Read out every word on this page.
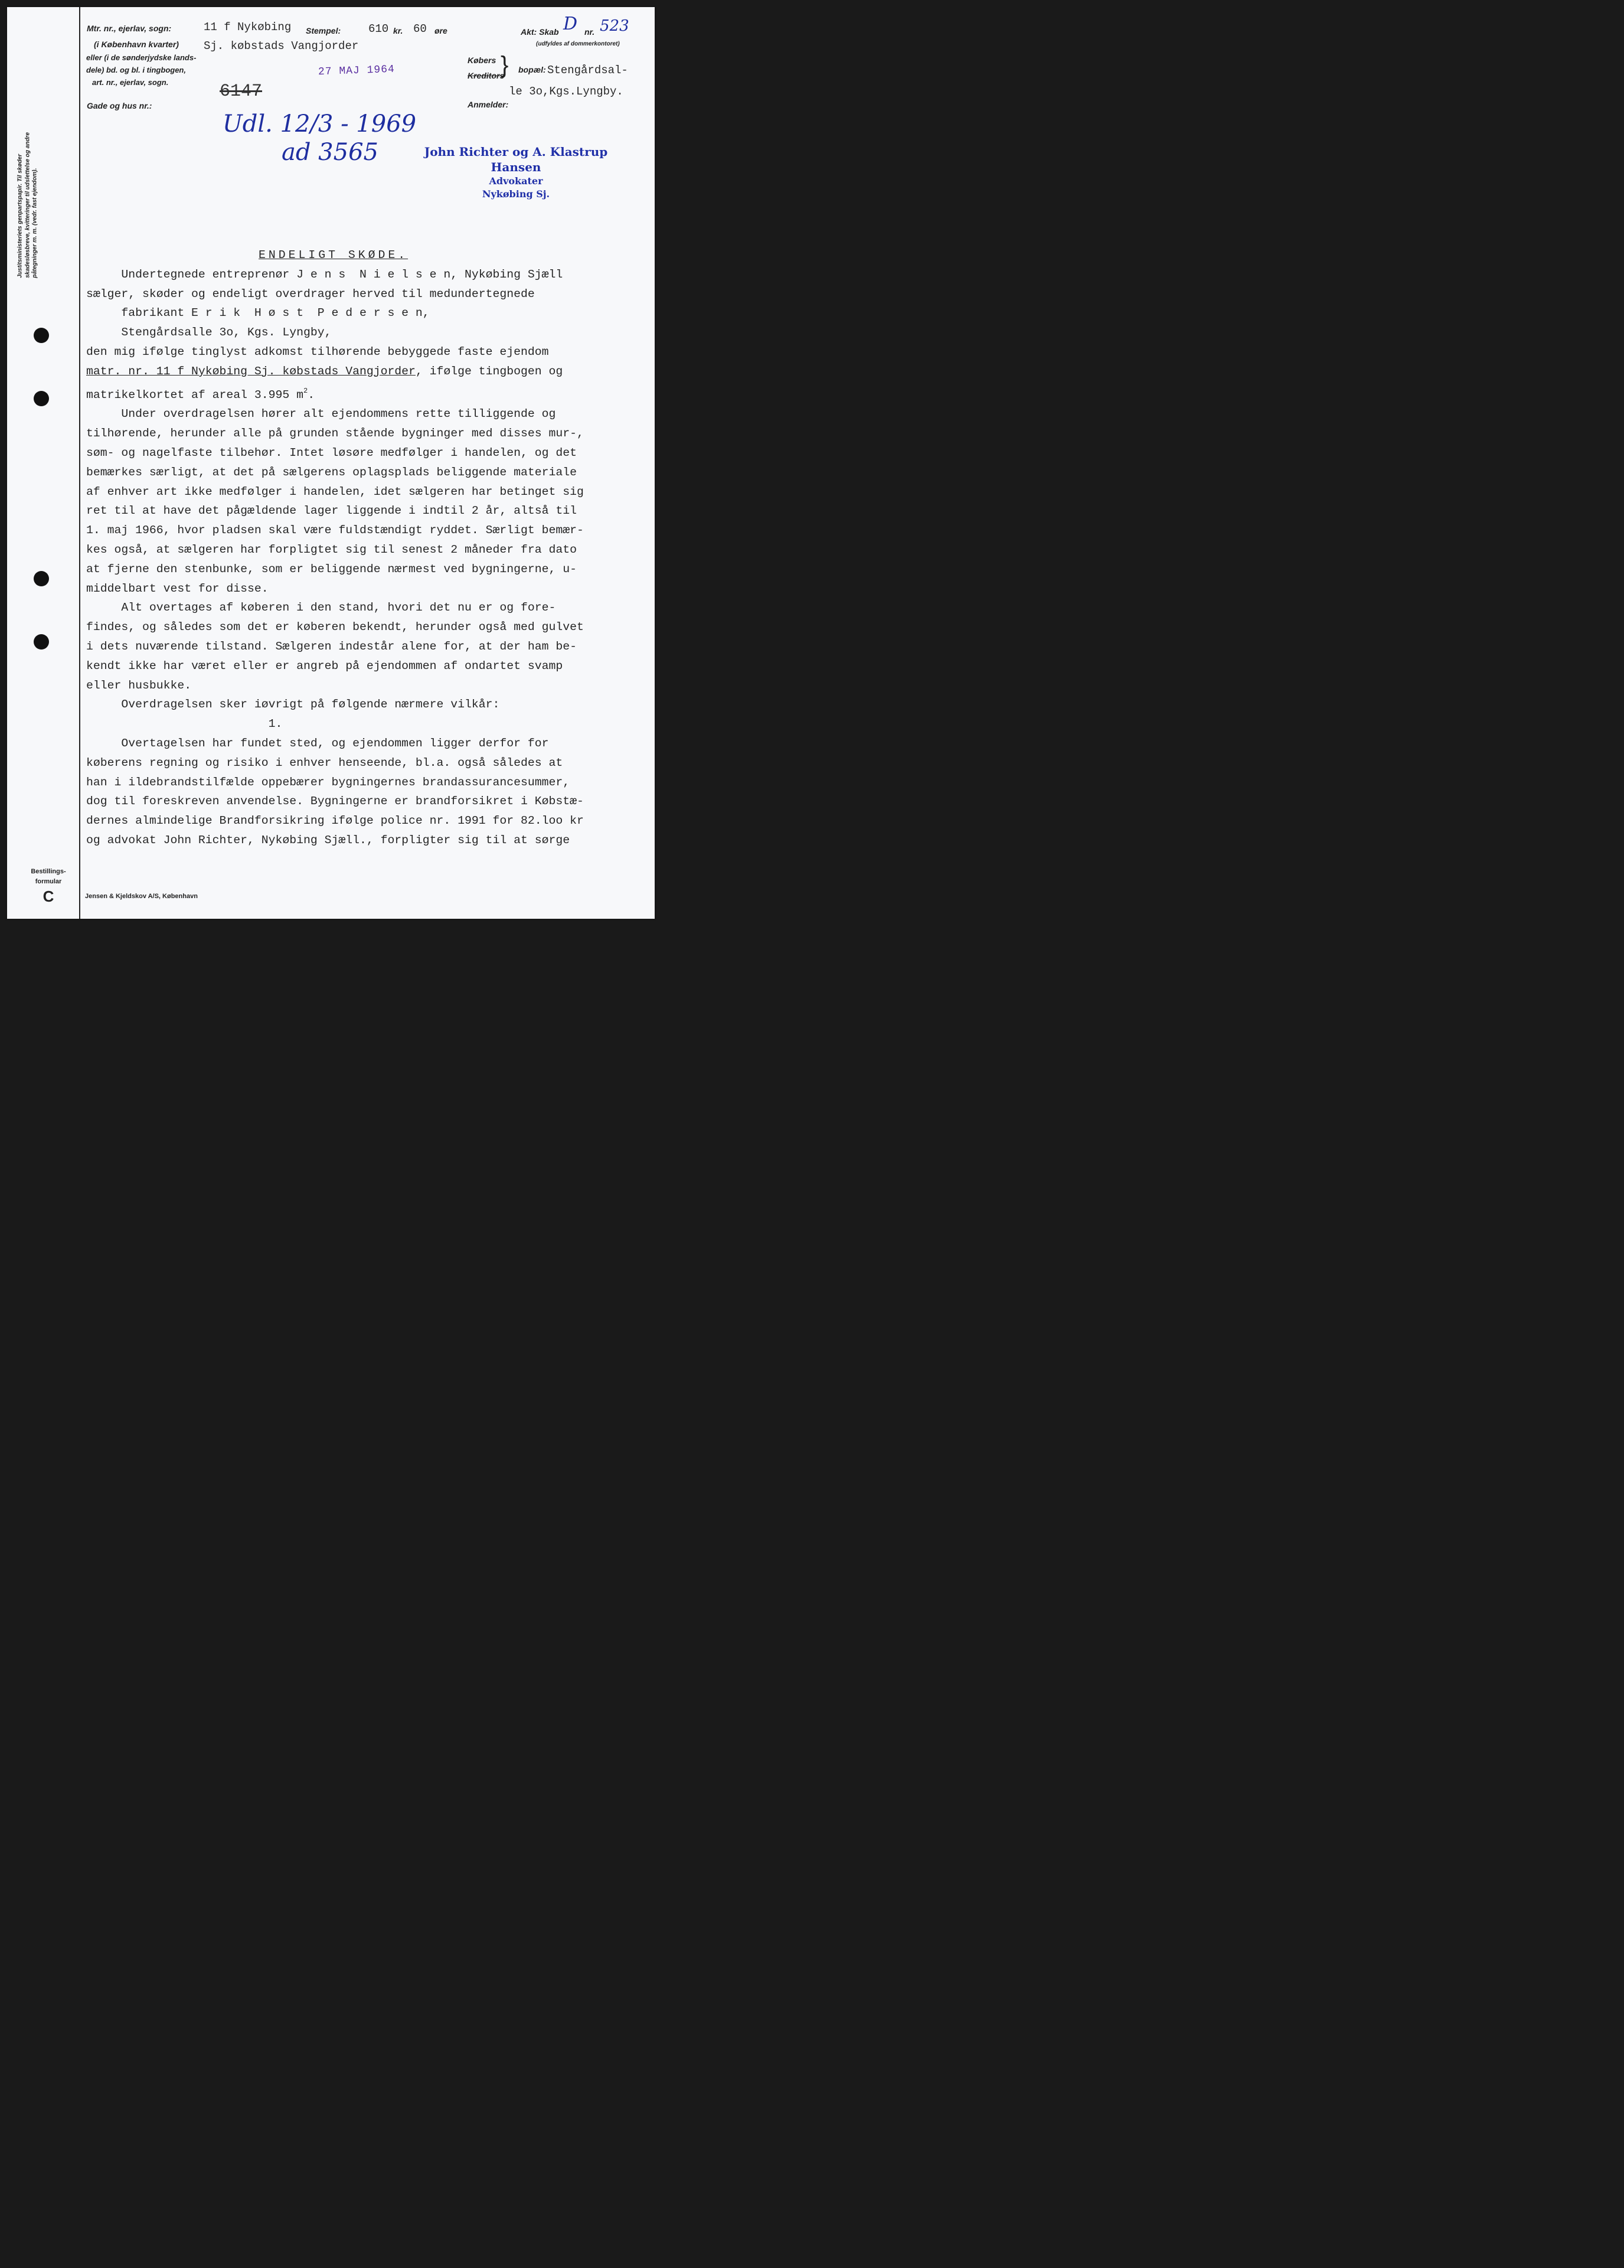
Justitsministeriets genpartspapir. Til skøder
skadesløsbreve, kvitteringer til udslettelse og andre
påtegninger m. m. (vedr. fast ejendom).
Bestillings-
formular
C	Jensen & Kjeldskov A/S, København
Mtr. nr., ejerlav, sogn:	11 f Nykøbing
(i København kvarter) Sj. købstads Vangjorder
eller (i de sønderjydske lands-
dele) bd. og bl. i tingbogen,
art. nr., ejerlav, sogn.
Gade og hus nr.:
Stempel: 610 kr. 60 øre	Akt: Skab D nr. 523
(udfyldes af dommerkontoret)
Købers
Kreditors
} bopæl: Stengårdsal-
le 3o,Kgs.Lyngby.
Anmelder:
27 MAJ 1964
6147
Udl. 12/3 - 1969
ad 3565	John Richter og A. Klastrup Hansen
Advokater
Nykøbing Sj.

ENDELIGT SKØDE.

Undertegnede entreprenør J e n s  N i e l s e n, Nykøbing Sjæll

sælger, skøder og endeligt overdrager herved til medundertegnede

fabrikant E r i k  H ø s t  P e d e r s e n,

Stengårdsalle 3o, Kgs. Lyngby,

den mig ifølge tinglyst adkomst tilhørende bebyggede faste ejendom

matr. nr. 11 f Nykøbing Sj. købstads Vangjorder, ifølge tingbogen og

matrikelkortet af areal 3.995 $m^2$.

Under overdragelsen hører alt ejendommens rette tilliggende og

tilhørende, herunder alle på grunden stående bygninger med disses mur-,

søm- og nagelfaste tilbehør. Intet løsøre medfølger i handelen, og det

bemærkes særligt, at det på sælgerens oplagsplads beliggende materiale

af enhver art ikke medfølger i handelen, idet sælgeren har betinget sig

ret til at have det pågældende lager liggende i indtil 2 år, altså til

1. maj 1966, hvor pladsen skal være fuldstændigt ryddet. Særligt bemær-

kes også, at sælgeren har forpligtet sig til senest 2 måneder fra dato

at fjerne den stenbunke, som er beliggende nærmest ved bygningerne, u-

middelbart vest for disse.

Alt overtages af køberen i den stand, hvori det nu er og fore-

findes, og således som det er køberen bekendt, herunder også med gulvet

i dets nuværende tilstand. Sælgeren indestår alene for, at der ham be-

kendt ikke har været eller er angreb på ejendommen af ondartet svamp

eller husbukke.

Overdragelsen sker iøvrigt på følgende nærmere vilkår:

1.

Overtagelsen har fundet sted, og ejendommen ligger derfor for

køberens regning og risiko i enhver henseende, bl.a. også således at

han i ildebrandstilfælde oppebærer bygningernes brandassurancesummer,

dog til foreskreven anvendelse. Bygningerne er brandforsikret i Købstæ-

dernes almindelige Brandforsikring ifølge police nr. 1991 for 82.loo kr

og advokat John Richter, Nykøbing Sjæll., forpligter sig til at sørge
